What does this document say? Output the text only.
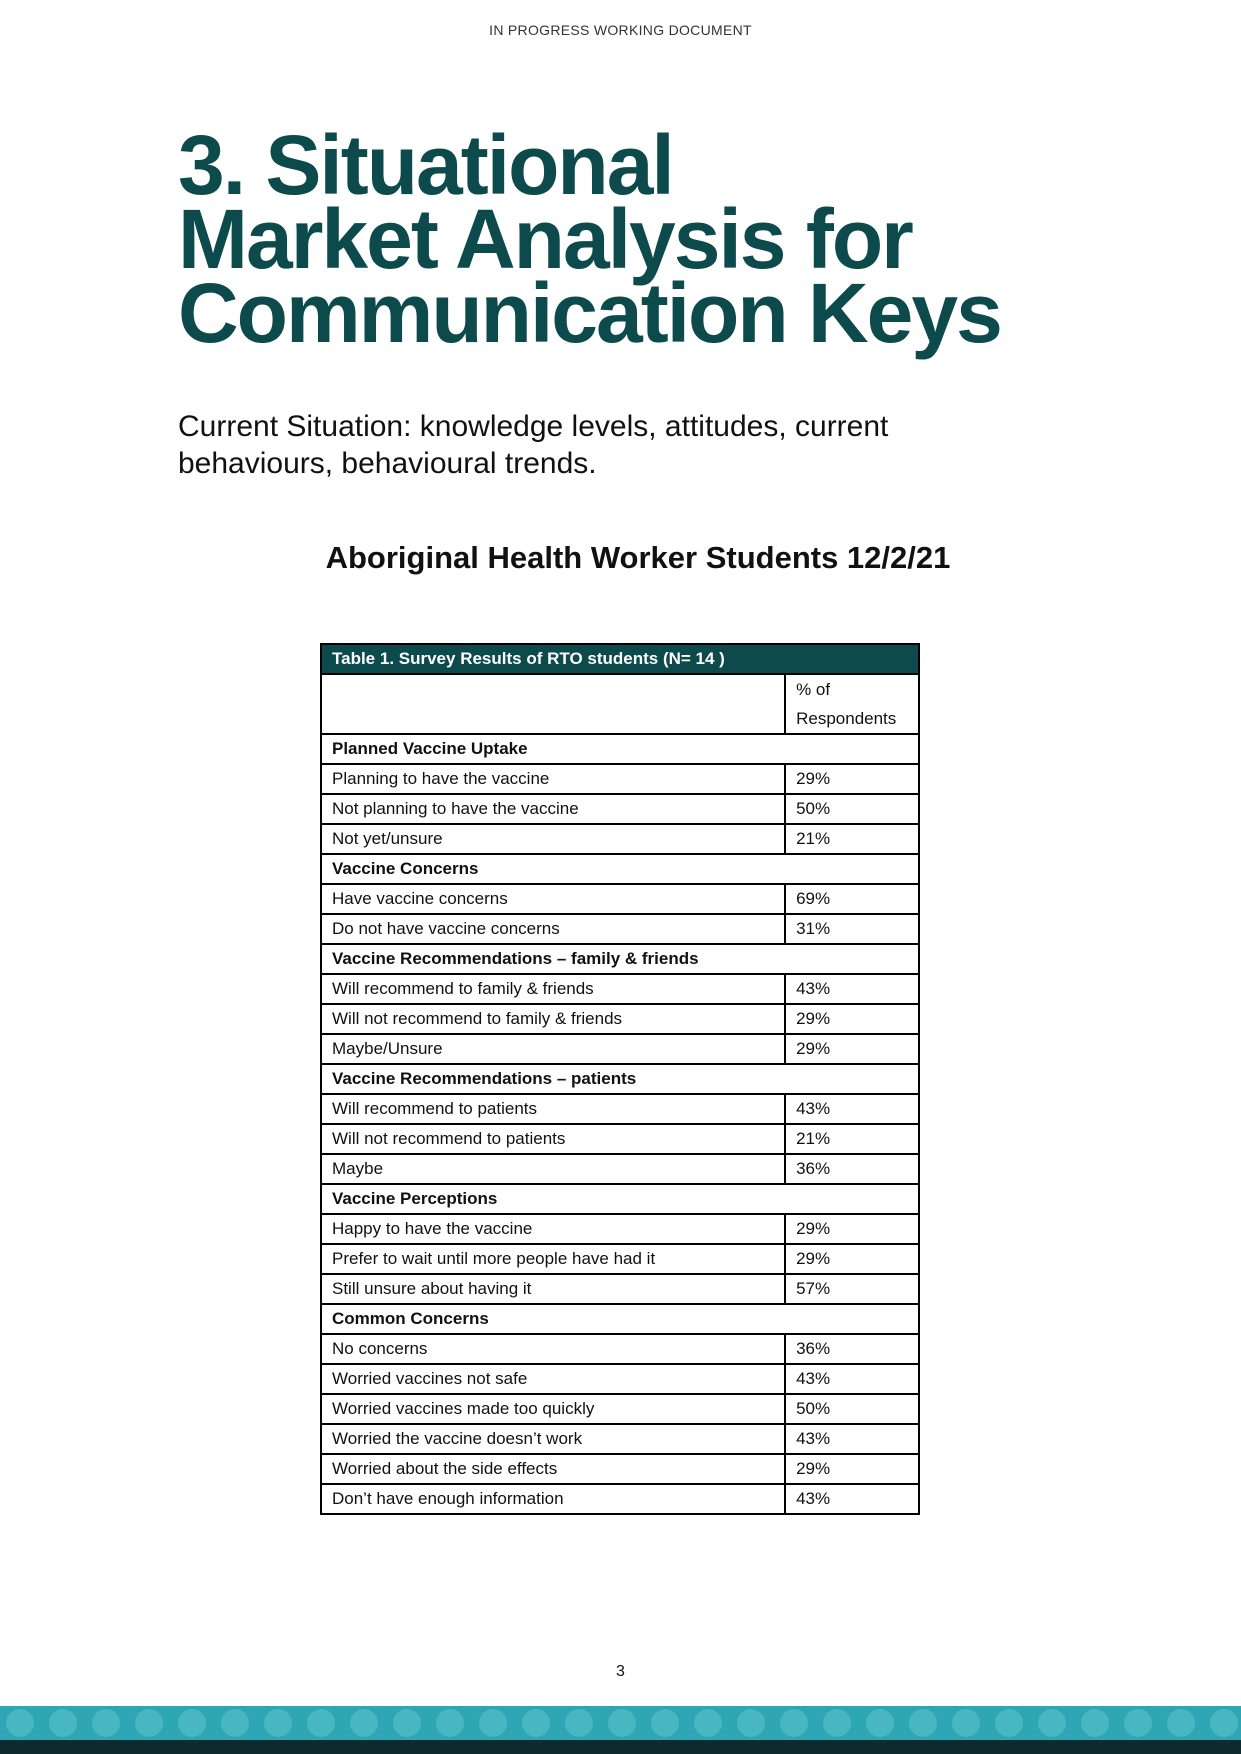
IN PROGRESS WORKING DOCUMENT
3. Situational
Market Analysis for
Communication Keys

Current Situation: knowledge levels, attitudes, current behaviours, behavioural trends.

Aboriginal Health Worker Students 12/2/21
Table 1. Survey Results of RTO students (N= 14 )	
	% of Respondents
Planned Vaccine Uptake	
Planning to have the vaccine	29%
Not planning to have the vaccine	50%
Not yet/unsure	21%
Vaccine Concerns	
Have vaccine concerns	69%
Do not have vaccine concerns	31%
Vaccine Recommendations – family & friends	
Will recommend to family & friends	43%
Will not recommend to family & friends	29%
Maybe/Unsure	29%
Vaccine Recommendations – patients	
Will recommend to patients	43%
Will not recommend to patients	21%
Maybe	36%
Vaccine Perceptions	
Happy to have the vaccine	29%
Prefer to wait until more people have had it	29%
Still unsure about having it	57%
Common Concerns	
No concerns	36%
Worried vaccines not safe	43%
Worried vaccines made too quickly	50%
Worried the vaccine doesn’t work	43%
Worried about the side effects	29%
Don’t have enough information	43%
3
